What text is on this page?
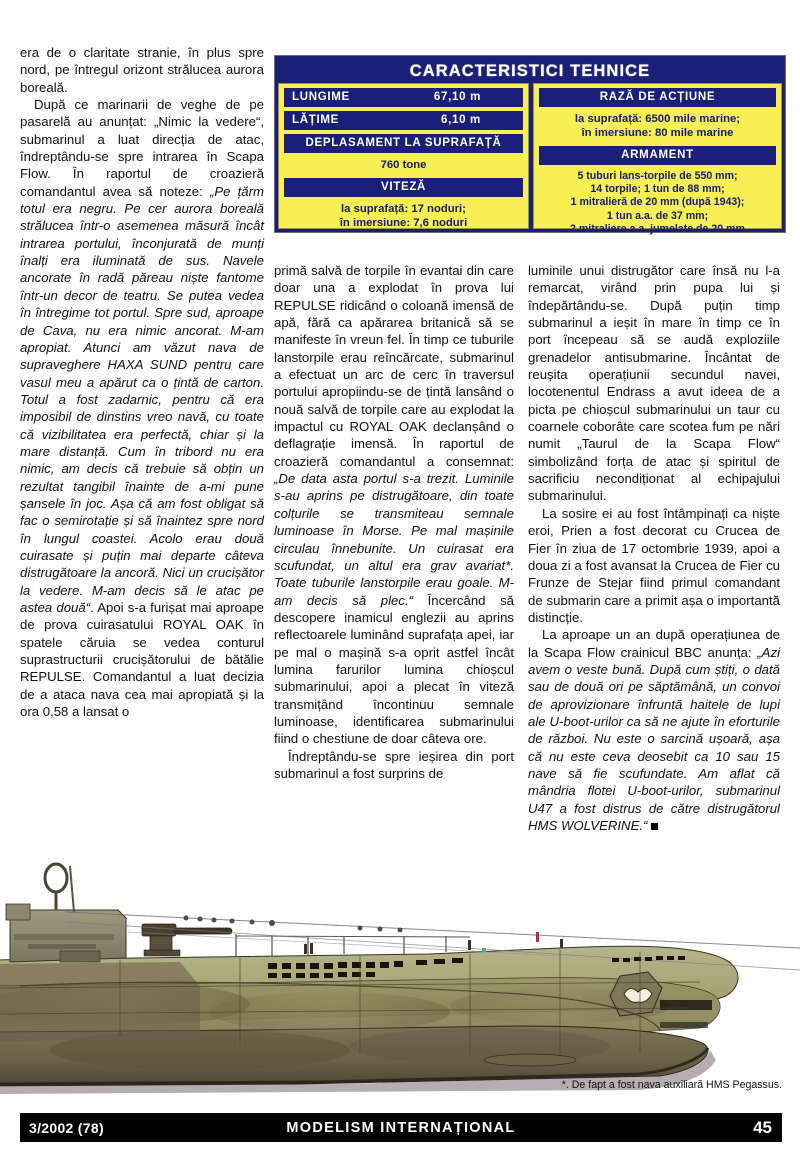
CARACTERISTICI TEHNICE
LUNGIME	67,10 m
LĂȚIME	6,10 m
DEPLASAMENT LA SUPRAFAȚĂ
760 tone
VITEZĂ
la suprafață: 17 noduri;
în imersiune: 7,6 noduri
RAZĂ DE ACȚIUNE
la suprafață: 6500 mile marine;
în imersiune: 80 mile marine
ARMAMENT
5 tuburi lans-torpile de 550 mm;
14 torpile; 1 tun de 88 mm;
1 mitralieră de 20 mm (după 1943);
1 tun a.a. de 37 mm;
2 mitraliere a.a. jumelate de 20 mm

era de o claritate stranie, în plus spre nord, pe întregul orizont strălucea aurora boreală.

După ce marinarii de veghe de pe pasarelă au anunțat: „Nimic la vedere“, submarinul a luat direcția de atac, îndreptându-se spre intrarea în Scapa Flow. În raportul de croazieră comandantul avea să noteze: „Pe țărm totul era negru. Pe cer aurora boreală strălucea într-o asemenea măsură încât intrarea portului, înconjurată de munți înalți era iluminată de sus. Navele ancorate în radă păreau niște fantome într-un decor de teatru. Se putea vedea în întregime tot portul. Spre sud, aproape de Cava, nu era nimic ancorat. M-am apropiat. Atunci am văzut nava de supraveghere HAXA SUND pentru care vasul meu a apărut ca o țintă de carton. Totul a fost zadarnic, pentru că era imposibil de dinstins vreo navă, cu toate că vizibilitatea era perfectă, chiar și la mare distanță. Cum în tribord nu era nimic, am decis că trebuie să obțin un rezultat tangibil înainte de a-mi pune șansele în joc. Așa că am fost obligat să fac o semirotație și să înaintez spre nord în lungul coastei. Acolo erau două cuirasate și puțin mai departe câteva distrugătoare la ancoră. Nici un crucișător la vedere. M-am decis să le atac pe astea două“. Apoi s-a furișat mai aproape de prova cuirasatului ROYAL OAK în spatele căruia se vedea conturul suprastructurii crucișătorului de bătălie REPULSE. Comandantul a luat decizia de a ataca nava cea mai apropiată și la ora 0,58 a lansat o

primă salvă de torpile în evantai din care doar una a explodat în prova lui REPULSE ridicând o coloană imensă de apă, fără ca apărarea britanică să se manifeste în vreun fel. În timp ce tuburile lanstorpile erau reîncărcate, submarinul a efectuat un arc de cerc în traversul portului apropiindu-se de țintă lansând o nouă salvă de torpile care au explodat la impactul cu ROYAL OAK declanșând o deflagrație imensă. În raportul de croazieră comandantul a consemnat: „De data asta portul s-a trezit. Luminile s-au aprins pe distrugătoare, din toate colțurile se transmiteau semnale luminoase în Morse. Pe mal mașinile circulau înnebunite. Un cuirasat era scufundat, un altul era grav avariat*. Toate tuburile lanstorpile erau goale. M-am decis să plec.“ Încercând să descopere inamicul englezii au aprins reflectoarele luminând suprafața apei, iar pe mal o mașină s-a oprit astfel încât lumina farurilor lumina chioșcul submarinului, apoi a plecat în viteză transmițând încontinuu semnale luminoase, identificarea submarinului fiind o chestiune de doar câteva ore.

Îndreptându-se spre ieșirea din port submarinul a fost surprins de

luminile unui distrugător care însă nu l-a remarcat, virând prin pupa lui și îndepărtându-se. După puțin timp submarinul a ieșit în mare în timp ce în port începeau să se audă exploziile grenadelor antisubmarine. Încântat de reușita operațiunii secundul navei, locotenentul Endrass a avut ideea de a picta pe chioșcul submarinului un taur cu coarnele coborâte care scotea fum pe nări numit „Taurul de la Scapa Flow“ simbolizând forța de atac și spiritul de sacrificiu necondiționat al echipajului submarinului.

La sosire ei au fost întâmpinați ca niște eroi, Prien a fost decorat cu Crucea de Fier în ziua de 17 octombrie 1939, apoi a doua zi a fost avansat la Crucea de Fier cu Frunze de Stejar fiind primul comandant de submarin care a primit așa o importantă distincție.

La aproape un an după operațiunea de la Scapa Flow crainicul BBC anunța: „Azi avem o veste bună. După cum știți, o dată sau de două ori pe săptămână, un convoi de aprovizionare înfruntă haitele de lupi ale U-boot-urilor ca să ne ajute în eforturile de război. Nu este o sarcină ușoară, așa că nu este ceva deosebit ca 10 sau 15 nave să fie scufundate. Am aflat că mândria flotei U-boot-urilor, submarinul U47 a fost distrus de către distrugătorul HMS WOLVERINE.“

*. De fapt a fost nava auxiliară HMS Pegassus.
3/2002 (78)	MODELISM INTERNAȚIONAL	45
